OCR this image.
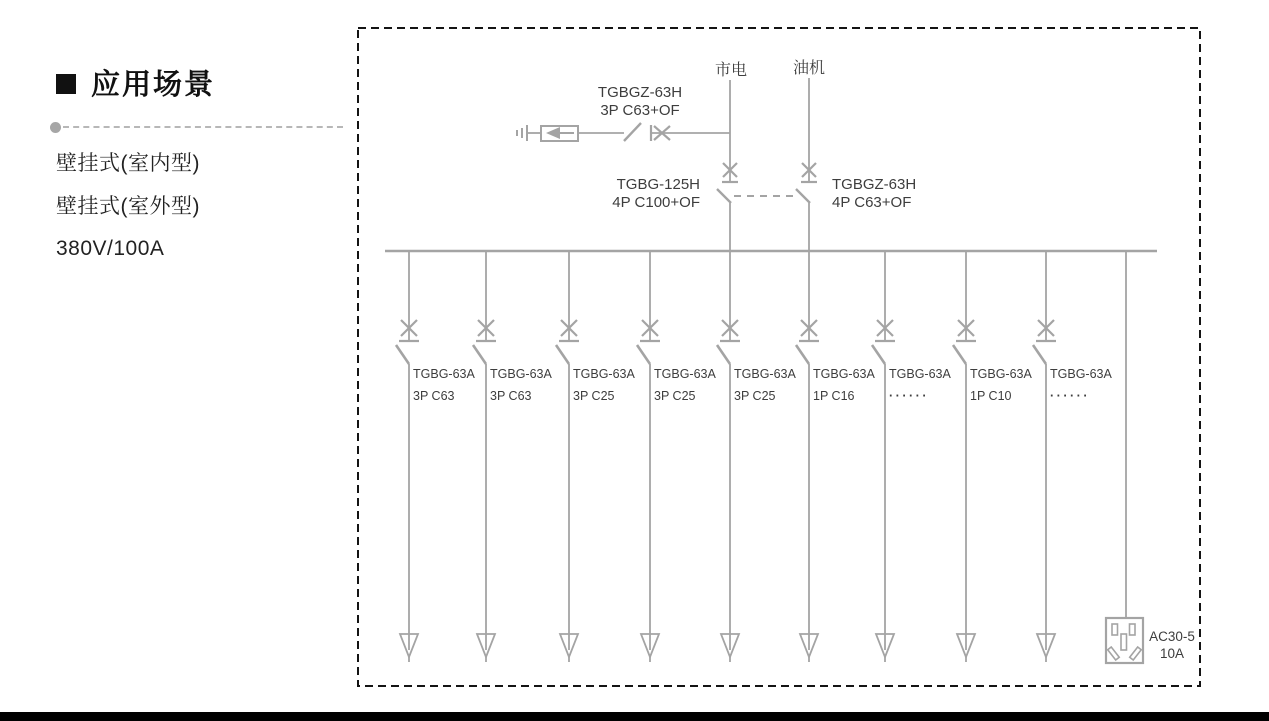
应用场景
壁挂式(室内型)
壁挂式(室外型)
380V/100A
市电	油机
AC30-5
10A
TGBG-63A
3P C63
TGBG-63A
3P C63
TGBG-63A
3P C25
TGBG-63A
3P C25
TGBG-63A
3P C25
TGBG-63A
1P C16
TGBG-63A
······
TGBG-63A
1P C10
TGBG-63A
······
TGBGZ-63H
3P C63+OF
TGBG-125H
4P C100+OF
TGBGZ-63H
4P C63+OF
